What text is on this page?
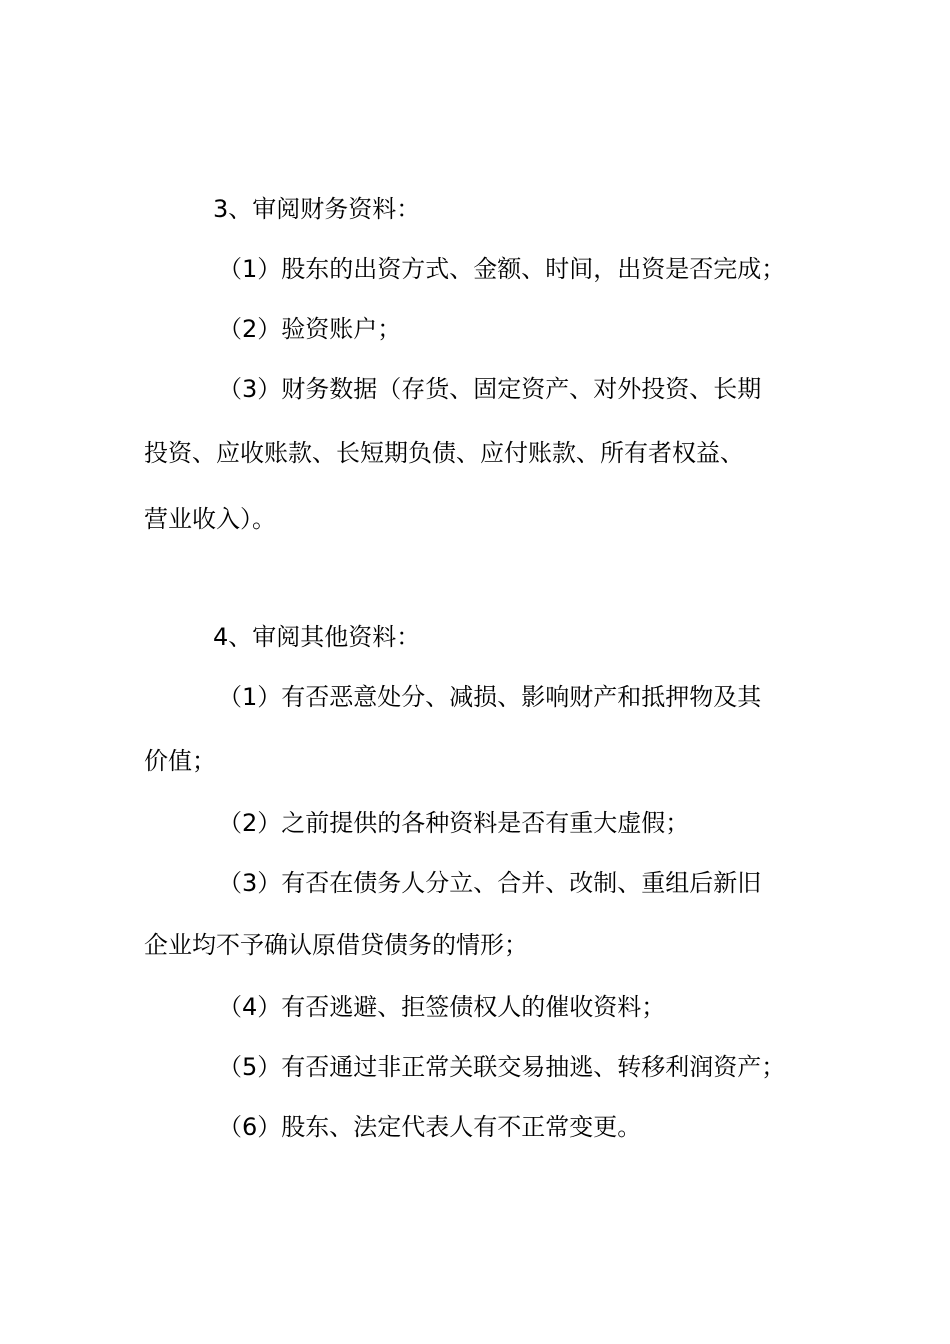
3、审阅财务资料：
（1）股东的出资方式、金额、时间，出资是否完成；
（2）验资账户；
（3）财务数据（存货、固定资产、对外投资、长期
投资、应收账款、长短期负债、应付账款、所有者权益、
营业收入）。
4、审阅其他资料：
（1）有否恶意处分、减损、影响财产和抵押物及其
价值；
（2）之前提供的各种资料是否有重大虚假；
（3）有否在债务人分立、合并、改制、重组后新旧
企业均不予确认原借贷债务的情形；
（4）有否逃避、拒签债权人的催收资料；
（5）有否通过非正常关联交易抽逃、转移利润资产；
（6）股东、法定代表人有不正常变更。
